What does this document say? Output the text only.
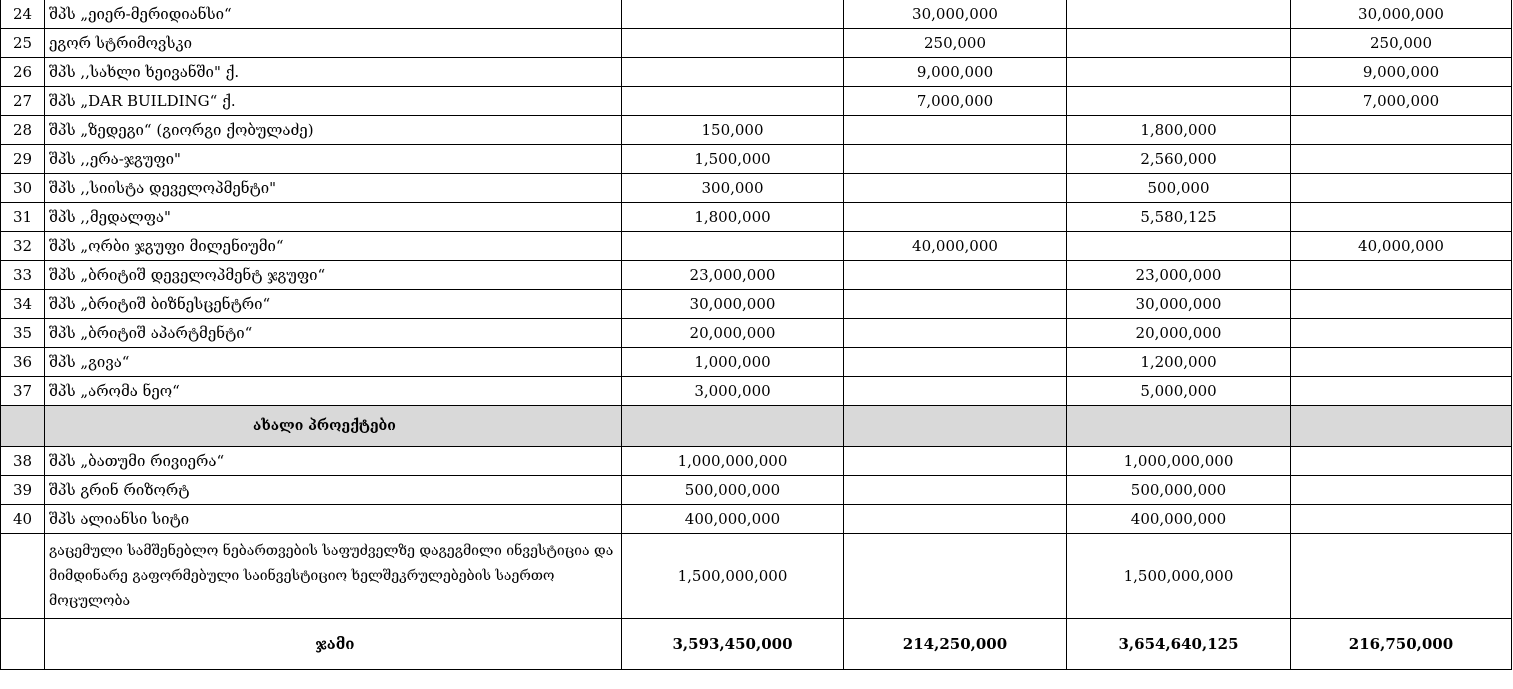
24	შპს „ეიერ-მერიდიანსი“		30,000,000		30,000,000
25	ეგორ სტრიმოვსკი		250,000		250,000
26	შპს ,,სახლი ხეივანში" ქ.		9,000,000		9,000,000
27	შპს „DAR BUILDING“ ქ.		7,000,000		7,000,000
28	შპს „ზედეგი“ (გიორგი ქობულაძე)	150,000		1,800,000	
29	შპს ,,ერა-ჯგუფი"	1,500,000		2,560,000	
30	შპს ,,სიისტა დეველოპმენტი"	300,000		500,000	
31	შპს ,,მედალფა"	1,800,000		5,580,125	
32	შპს „ორბი ჯგუფი მილენიუმი“		40,000,000		40,000,000
33	შპს „ბრიტიშ დეველოპმენტ ჯგუფი“	23,000,000		23,000,000	
34	შპს „ბრიტიშ ბიზნესცენტრი“	30,000,000		30,000,000	
35	შპს „ბრიტიშ აპარტმენტი“	20,000,000		20,000,000	
36	შპს „გივა“	1,000,000		1,200,000	
37	შპს „არომა ნეო“	3,000,000		5,000,000	
	ახალი პროექტები				
38	შპს „ბათუმი რივიერა“	1,000,000,000		1,000,000,000	
39	შპს გრინ რიზორტ	500,000,000		500,000,000	
40	შპს ალიანსი სიტი	400,000,000		400,000,000	
	გაცემული სამშენებლო ნებართვების საფუძველზე დაგეგმილი ინვესტიცია და მიმდინარე გაფორმებული საინვესტიციო ხელშეკრულებების საერთო მოცულობა	1,500,000,000		1,500,000,000	
	ჯამი	3,593,450,000	214,250,000	3,654,640,125	216,750,000
